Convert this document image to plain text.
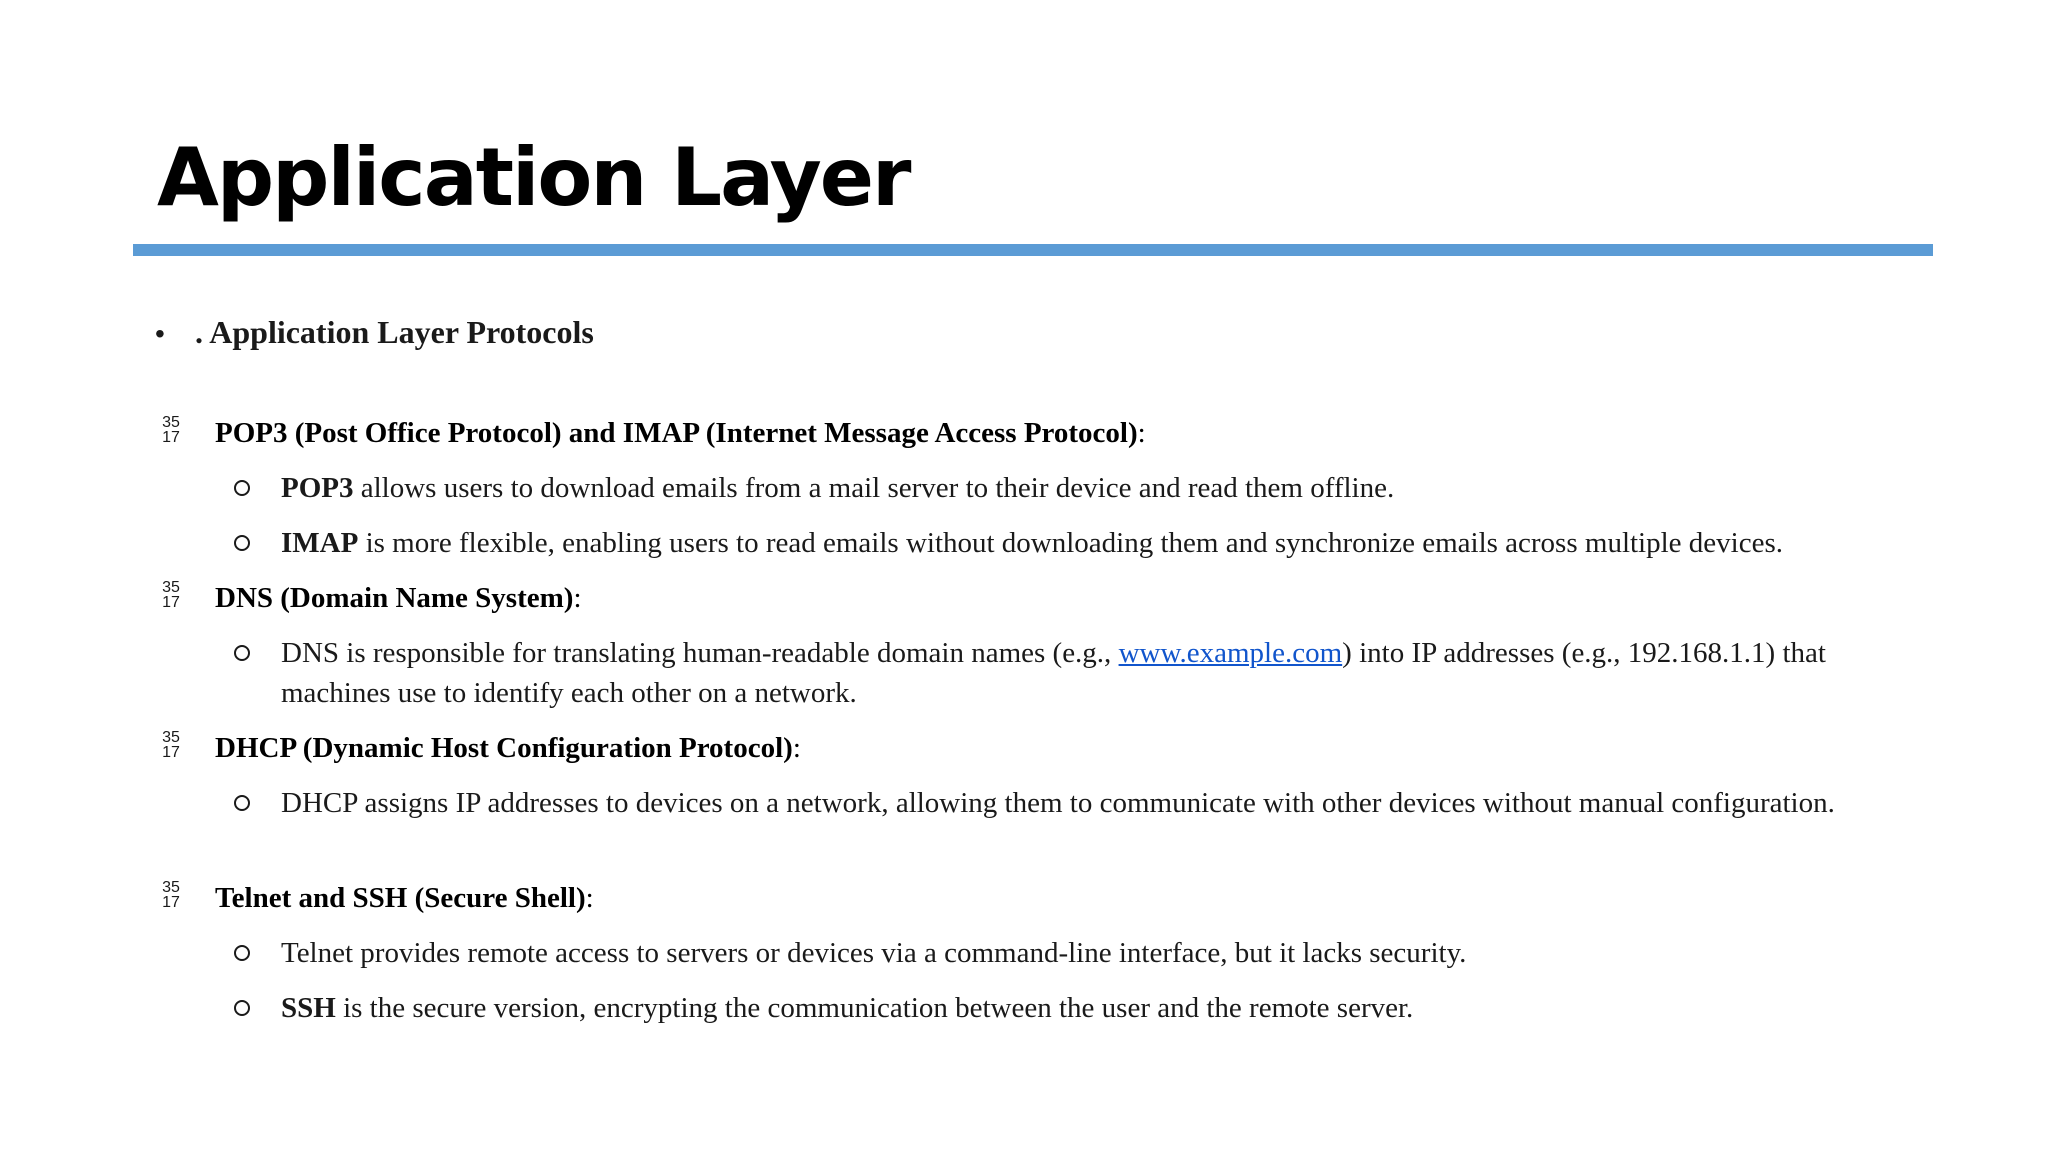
Application Layer
• . Application Layer Protocols
35
17 POP3 (Post Office Protocol) and IMAP (Internet Message Access Protocol):
POP3 allows users to download emails from a mail server to their device and read them offline.
IMAP is more flexible, enabling users to read emails without downloading them and synchronize emails across multiple devices.
35
17 DNS (Domain Name System):
DNS is responsible for translating human-readable domain names (e.g., www.example.com) into IP addresses (e.g., 192.168.1.1) that machines use to identify each other on a network.
35
17 DHCP (Dynamic Host Configuration Protocol):
DHCP assigns IP addresses to devices on a network, allowing them to communicate with other devices without manual configuration.
35
17 Telnet and SSH (Secure Shell):
Telnet provides remote access to servers or devices via a command-line interface, but it lacks security.
SSH is the secure version, encrypting the communication between the user and the remote server.
